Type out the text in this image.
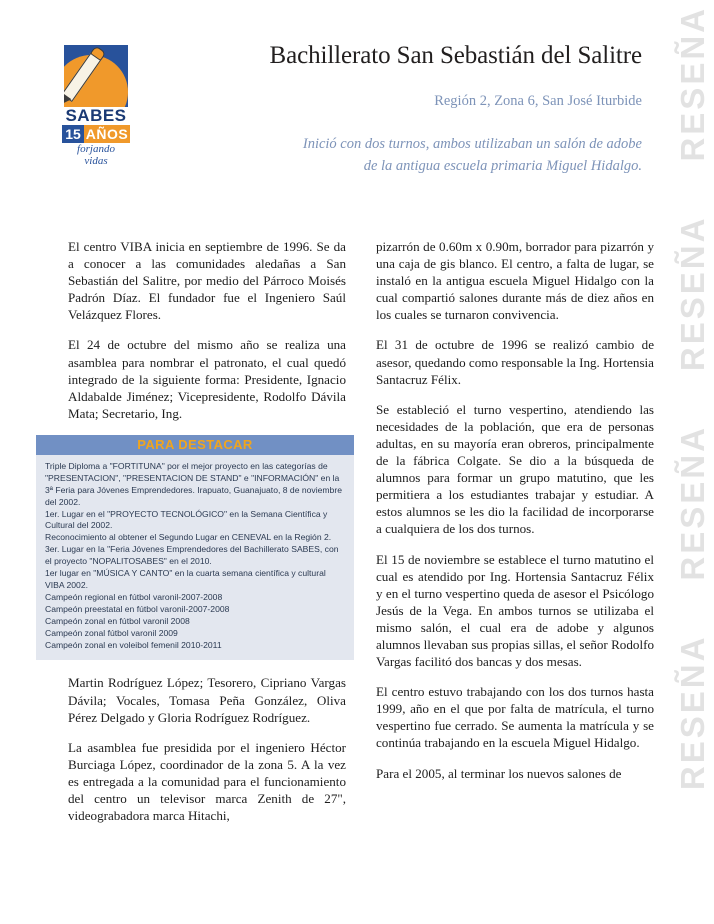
RESEÑA
RESEÑA
RESEÑA
RESEÑA
SABES
15 AÑOS
forjando
vidas
Bachillerato San Sebastián del Salitre
Región 2, Zona 6, San José Iturbide
Inició con dos turnos, ambos utilizaban un salón de adobe
de la antigua escuela primaria Miguel Hidalgo.

El centro VIBA inicia en septiembre de 1996. Se da a conocer a las comunidades aledañas a San Sebastián del Salitre, por medio del Párroco Moisés Padrón Díaz. El fundador fue el Ingeniero Saúl Velázquez Flores.

El 24 de octubre del mismo año se realiza una asamblea para nombrar el patronato, el cual quedó integrado de la siguiente forma: Presidente, Ignacio Aldabalde Jiménez; Vicepresidente, Rodolfo Dávila Mata; Secretario, Ing.

PARA DESTACAR
Triple Diploma a "FORTITUNA" por el mejor proyecto en las categorías de "PRESENTACION", "PRESENTACION DE STAND" e "INFORMACIÓN" en la 3ª Feria para Jóvenes Emprendedores. Irapuato, Guanajuato, 8 de noviembre del 2002.
1er. Lugar en el "PROYECTO TECNOLÓGICO" en la Semana Científica y Cultural del 2002.
Reconocimiento al obtener el Segundo Lugar en CENEVAL en la Región 2.
3er. Lugar en la "Feria Jóvenes Emprendedores del Bachillerato SABES, con el proyecto "NOPALITOSABES" en el 2010.
1er lugar en "MÚSICA Y CANTO" en la cuarta semana científica y cultural VIBA 2002.
Campeón regional en fútbol varonil-2007-2008
Campeón preestatal en fútbol varonil-2007-2008
Campeón zonal en fútbol varonil 2008
Campeón zonal fútbol varonil 2009
Campeón zonal en voleibol femenil 2010-2011

Martin Rodríguez López; Tesorero, Cipriano Vargas Dávila; Vocales, Tomasa Peña González, Oliva Pérez Delgado y Gloria Rodríguez Rodríguez.

La asamblea fue presidida por el ingeniero Héctor Burciaga López, coordinador de la zona 5. A la vez es entregada a la comunidad para el funcionamiento del centro un televisor marca Zenith de 27", videograbadora marca Hitachi,

pizarrón de 0.60m x 0.90m, borrador para pizarrón y una caja de gis blanco. El centro, a falta de lugar, se instaló en la antigua escuela Miguel Hidalgo con la cual compartió salones durante más de diez años en los cuales se turnaron convivencia.

El 31 de octubre de 1996 se realizó cambio de asesor, quedando como responsable la Ing. Hortensia Santacruz Félix.

Se estableció el turno vespertino, atendiendo las necesidades de la población, que era de personas adultas, en su mayoría eran obreros, principalmente de la fábrica Colgate. Se dio a la búsqueda de alumnos para formar un grupo matutino, que les permitiera a los estudiantes trabajar y estudiar. A estos alumnos se les dio la facilidad de incorporarse a cualquiera de los dos turnos.

El 15 de noviembre se establece el turno matutino el cual es atendido por Ing. Hortensia Santacruz Félix y en el turno vespertino queda de asesor el Psicólogo Jesús de la Vega. En ambos turnos se utilizaba el mismo salón, el cual era de adobe y algunos alumnos llevaban sus propias sillas, el señor Rodolfo Vargas facilitó dos bancas y dos mesas.

El centro estuvo trabajando con los dos turnos hasta 1999, año en el que por falta de matrícula, el turno vespertino fue cerrado. Se aumenta la matrícula y se continúa trabajando en la escuela Miguel Hidalgo.

Para el 2005, al terminar los nuevos salones de
